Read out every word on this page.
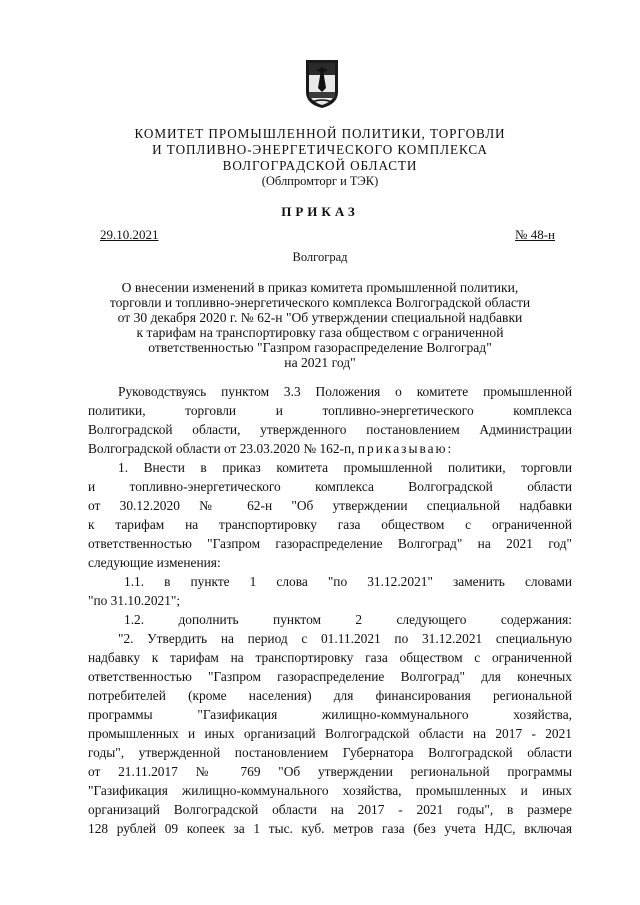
КОМИТЕТ ПРОМЫШЛЕННОЙ ПОЛИТИКИ, ТОРГОВЛИ
И ТОПЛИВНО-ЭНЕРГЕТИЧЕСКОГО КОМПЛЕКСА
ВОЛГОГРАДСКОЙ ОБЛАСТИ
(Облпромторг и ТЭК)
ПРИКАЗ
29.10.2021	№ 48-н
Волгоград
О внесении изменений в приказ комитета промышленной политики,
торговли и топливно-энергетического комплекса Волгоградской области
от 30 декабря 2020 г. № 62-н "Об утверждении специальной надбавки
к тарифам на транспортировку газа обществом с ограниченной
ответственностью "Газпром газораспределение Волгоград"
на 2021 год"
Руководствуясь пунктом 3.3 Положения о комитете промышленной
политики, торговли и топливно-энергетического комплекса
Волгоградской области, утвержденного постановлением Администрации
Волгоградской области от 23.03.2020 № 162-п, приказываю:
1. Внести в приказ комитета промышленной политики, торговли
и топливно-энергетического комплекса Волгоградской области
от 30.12.2020 № 62-н "Об утверждении специальной надбавки
к тарифам на транспортировку газа обществом с ограниченной
ответственностью "Газпром газораспределение Волгоград" на 2021 год"
следующие изменения:
1.1. в пункте 1 слова "по 31.12.2021" заменить словами
"по 31.10.2021";
1.2. дополнить пунктом 2 следующего содержания:
"2. Утвердить на период с 01.11.2021 по 31.12.2021 специальную
надбавку к тарифам на транспортировку газа обществом с ограниченной
ответственностью "Газпром газораспределение Волгоград" для конечных
потребителей (кроме населения) для финансирования региональной
программы "Газификация жилищно-коммунального хозяйства,
промышленных и иных организаций Волгоградской области на 2017 - 2021
годы", утвержденной постановлением Губернатора Волгоградской области
от 21.11.2017 № 769 "Об утверждении региональной программы
"Газификация жилищно-коммунального хозяйства, промышленных и иных
организаций Волгоградской области на 2017 - 2021 годы", в размере
128 рублей 09 копеек за 1 тыс. куб. метров газа (без учета НДС, включая
